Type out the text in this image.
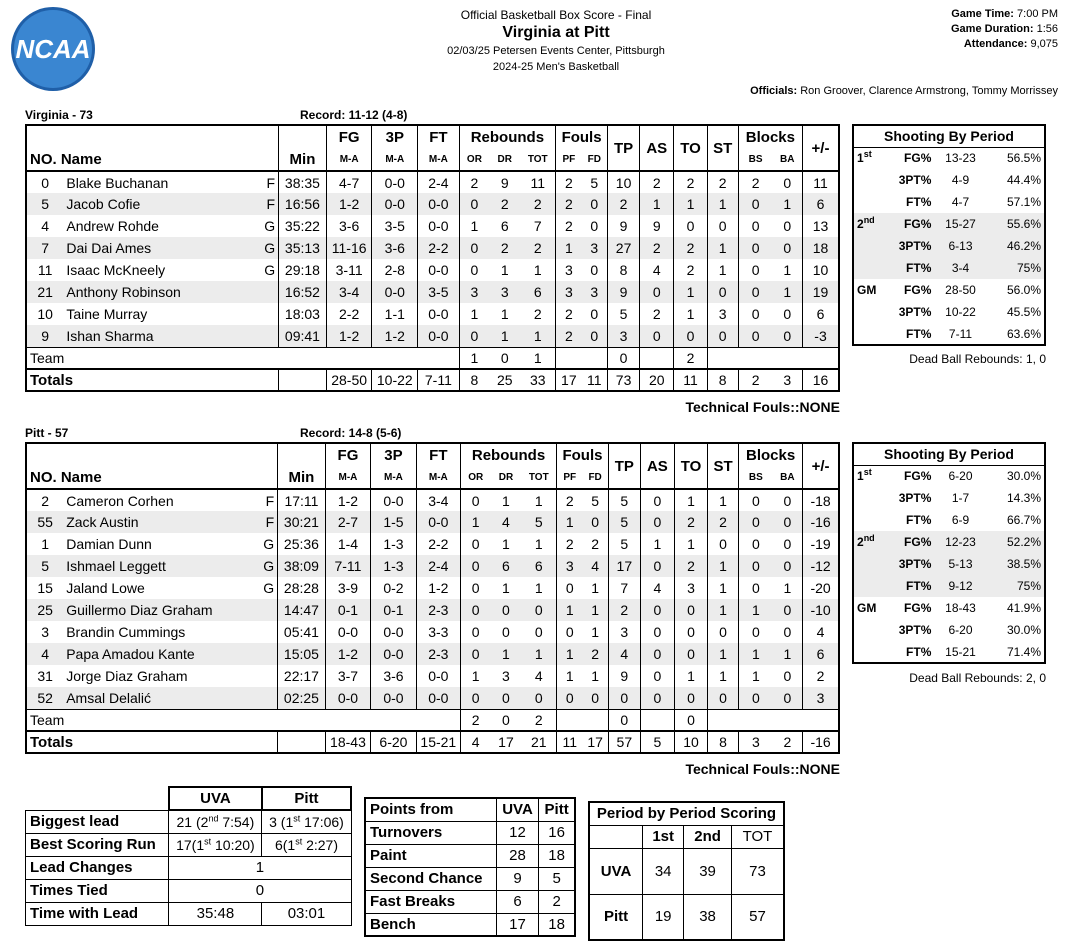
NCAA
Official Basketball Box Score - Final
Virginia at Pitt
02/03/25 Petersen Events Center, Pittsburgh
2024-25 Men's Basketball
Game Time: 7:00 PM
Game Duration: 1:56
Attendance: 9,075
Officials: Ron Groover, Clarence Armstrong, Tommy Morrissey
Virginia - 73	Record: 11-12 (4-8)
				FG	3P	FT	Rebounds			Fouls		TP	AS	TO	ST	Blocks		+/-
NO. Name			Min	M-A	M-A	M-A	OR	DR	TOT	PF	FD					BS	BA	
0	Blake Buchanan	F	38:35	4-7	0-0	2-4	2	9	11	2	5	10	2	2	2	2	0	11
5	Jacob Cofie	F	16:56	1-2	0-0	0-0	0	2	2	2	0	2	1	1	1	0	1	6
4	Andrew Rohde	G	35:22	3-6	3-5	0-0	1	6	7	2	0	9	9	0	0	0	0	13
7	Dai Dai Ames	G	35:13	11-16	3-6	2-2	0	2	2	1	3	27	2	2	1	0	0	18
11	Isaac McKneely	G	29:18	3-11	2-8	0-0	0	1	1	3	0	8	4	2	1	0	1	10
21	Anthony Robinson		16:52	3-4	0-0	3-5	3	3	6	3	3	9	0	1	0	0	1	19
10	Taine Murray		18:03	2-2	1-1	0-0	1	1	2	2	0	5	2	1	3	0	0	6
9	Ishan Sharma		09:41	1-2	1-2	0-0	0	1	1	2	0	3	0	0	0	0	0	-3
Team							1	0	1			0		2				
Totals				28-50	10-22	7-11	8	25	33	17	11	73	20	11	8	2	3	16
Technical Fouls::NONE
Shooting By Period			
1st	FG%	13-23	56.5%
	3PT%	4-9	44.4%
	FT%	4-7	57.1%
2nd	FG%	15-27	55.6%
	3PT%	6-13	46.2%
	FT%	3-4	75%
GM	FG%	28-50	56.0%
	3PT%	10-22	45.5%
	FT%	7-11	63.6%
Dead Ball Rebounds: 1, 0
Pitt - 57	Record: 14-8 (5-6)
				FG	3P	FT	Rebounds			Fouls		TP	AS	TO	ST	Blocks		+/-
NO. Name			Min	M-A	M-A	M-A	OR	DR	TOT	PF	FD					BS	BA	
2	Cameron Corhen	F	17:11	1-2	0-0	3-4	0	1	1	2	5	5	0	1	1	0	0	-18
55	Zack Austin	F	30:21	2-7	1-5	0-0	1	4	5	1	0	5	0	2	2	0	0	-16
1	Damian Dunn	G	25:36	1-4	1-3	2-2	0	1	1	2	2	5	1	1	0	0	0	-19
5	Ishmael Leggett	G	38:09	7-11	1-3	2-4	0	6	6	3	4	17	0	2	1	0	0	-12
15	Jaland Lowe	G	28:28	3-9	0-2	1-2	0	1	1	0	1	7	4	3	1	0	1	-20
25	Guillermo Diaz Graham		14:47	0-1	0-1	2-3	0	0	0	1	1	2	0	0	1	1	0	-10
3	Brandin Cummings		05:41	0-0	0-0	3-3	0	0	0	0	1	3	0	0	0	0	0	4
4	Papa Amadou Kante		15:05	1-2	0-0	2-3	0	1	1	1	2	4	0	0	1	1	1	6
31	Jorge Diaz Graham		22:17	3-7	3-6	0-0	1	3	4	1	1	9	0	1	1	1	0	2
52	Amsal Delalić		02:25	0-0	0-0	0-0	0	0	0	0	0	0	0	0	0	0	0	3
Team							2	0	2			0		0				
Totals				18-43	6-20	15-21	4	17	21	11	17	57	5	10	8	3	2	-16
Technical Fouls::NONE
Shooting By Period			
1st	FG%	6-20	30.0%
	3PT%	1-7	14.3%
	FT%	6-9	66.7%
2nd	FG%	12-23	52.2%
	3PT%	5-13	38.5%
	FT%	9-12	75%
GM	FG%	18-43	41.9%
	3PT%	6-20	30.0%
	FT%	15-21	71.4%
Dead Ball Rebounds: 2, 0
	UVA	Pitt
Biggest lead	21 (2nd 7:54)	3 (1st 17:06)
Best Scoring Run	17(1st 10:20)	6(1st 2:27)
Lead Changes	1	
Times Tied	0	
Time with Lead	35:48	03:01
Points from	UVA	Pitt
Turnovers	12	16
Paint	28	18
Second Chance	9	5
Fast Breaks	6	2
Bench	17	18
Period by Period Scoring			
	1st	2nd	TOT
UVA	34	39	73
Pitt	19	38	57
